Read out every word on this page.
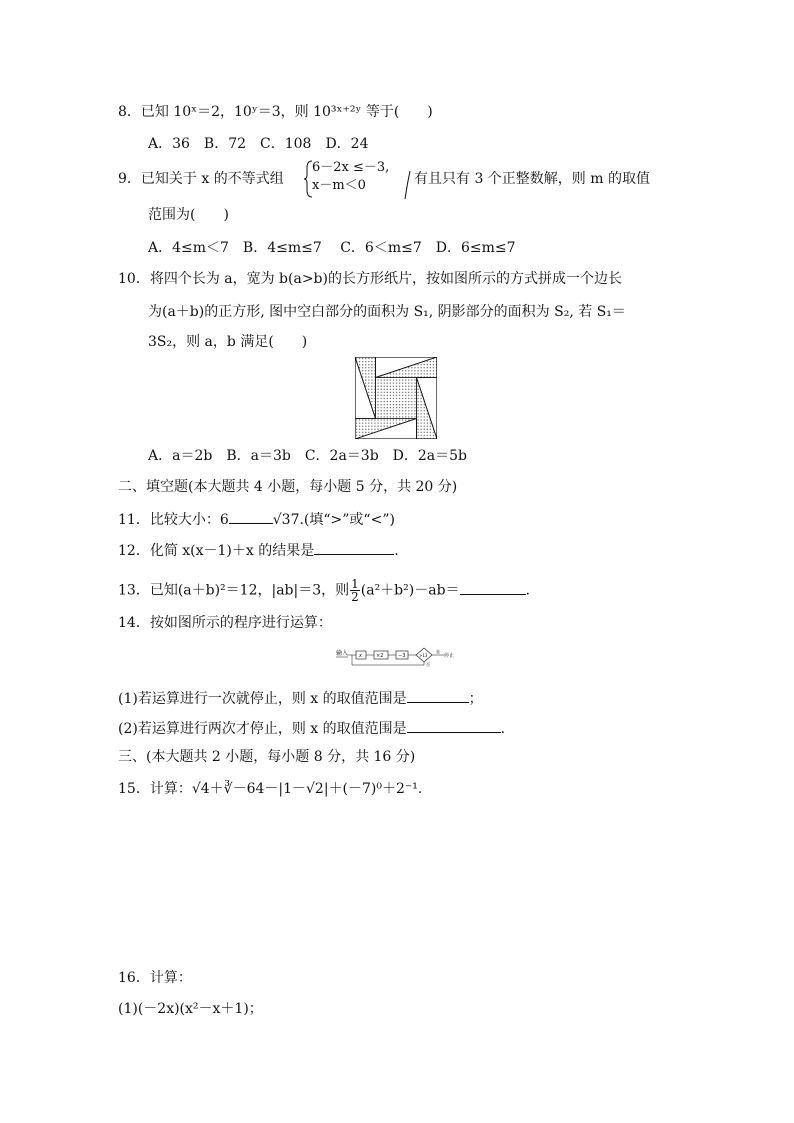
8．已知 10ˣ＝2，10ʸ＝3，则 10³ˣ⁺²ʸ 等于(　　)
A．36　B．72　C．108　D．24
9．已知关于 x 的不等式组
6－2x ≤－3,
x－m＜0	有且只有 3 个正整数解，则 m 的取值
范围为(　　)
A．4≤m＜7　B．4≤m≤7　 C．6＜m≤7　D．6≤m≤7
10．将四个长为 a，宽为 b(a>b)的长方形纸片，按如图所示的方式拼成一个边长
为(a＋b)的正方形, 图中空白部分的面积为 S₁, 阴影部分的面积为 S₂, 若 S₁＝
3S₂，则 a，b 满足(　　)
A．a＝2b　B．a＝3b　C．2a＝3b　D．2a＝5b
二、填空题(本大题共 4 小题，每小题 5 分，共 20 分)
11．比较大小：6	√37.(填“>”或“<”)
12．化简 x(x－1)＋x 的结果是	.
13．已知(a＋b)²＝12，|ab|＝3，则 $\frac{1}{2} (a^2+b^2)-ab=$	.
14．按如图所示的程序进行运算：
输入 x	×2	−3	>13
是
停止
否
(1)若运算进行一次就停止，则 x 的取值范围是	；
(2)若运算进行两次才停止，则 x 的取值范围是	.
三、(本大题共 2 小题，每小题 8 分，共 16 分)
15．计算：√4＋∛－64－|1－√2|＋(－7)⁰＋2⁻¹.
16．计算：
(1)(－2x)(x²－x＋1)；
